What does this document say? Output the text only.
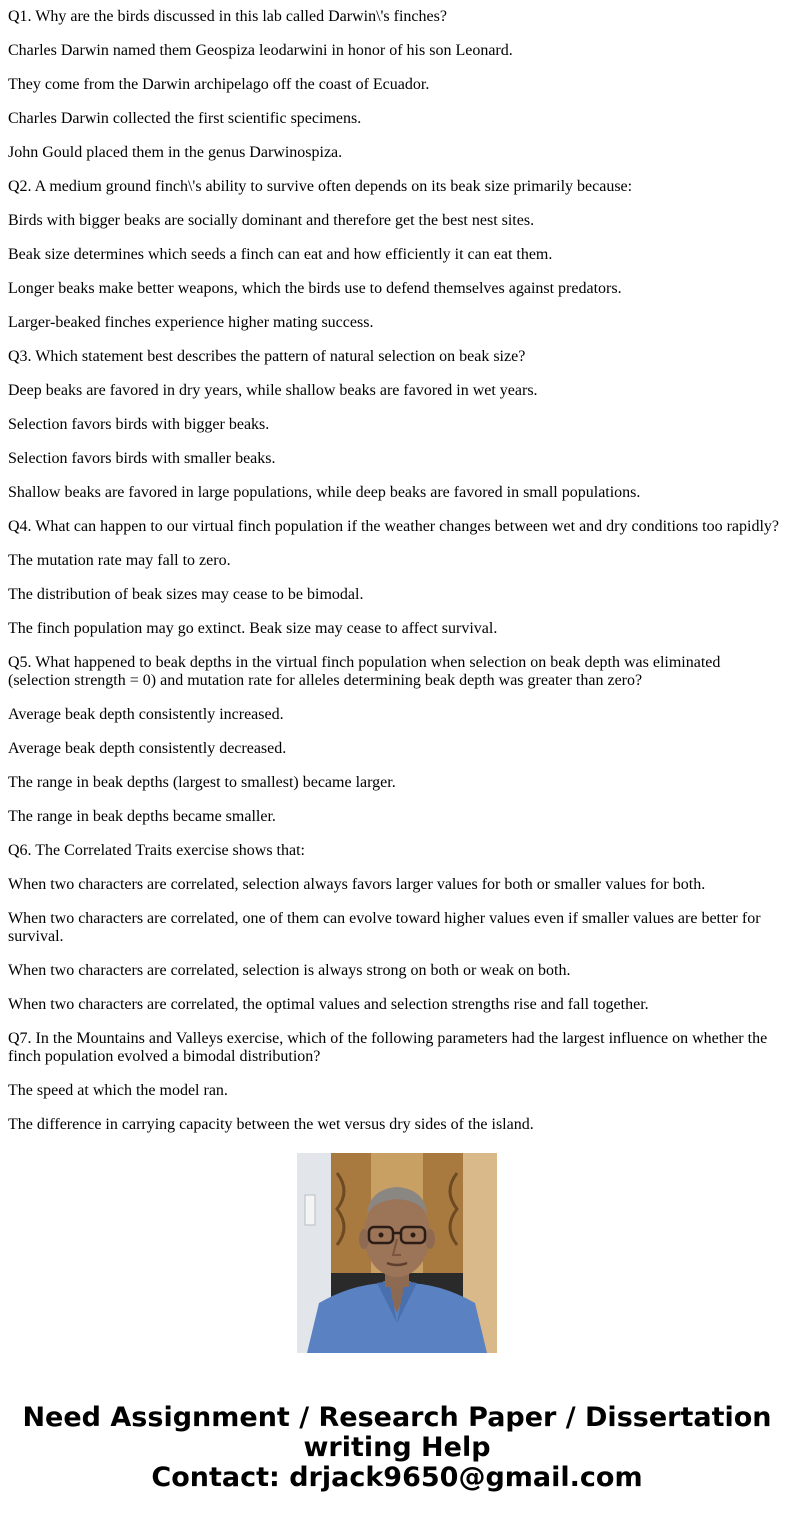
Q1. Why are the birds discussed in this lab called Darwin\'s finches?

Charles Darwin named them Geospiza leodarwini in honor of his son Leonard.

They come from the Darwin archipelago off the coast of Ecuador.

Charles Darwin collected the first scientific specimens.

John Gould placed them in the genus Darwinospiza.

Q2. A medium ground finch\'s ability to survive often depends on its beak size primarily because:

Birds with bigger beaks are socially dominant and therefore get the best nest sites.

Beak size determines which seeds a finch can eat and how efficiently it can eat them.

Longer beaks make better weapons, which the birds use to defend themselves against predators.

Larger-beaked finches experience higher mating success.

Q3. Which statement best describes the pattern of natural selection on beak size?

Deep beaks are favored in dry years, while shallow beaks are favored in wet years.

Selection favors birds with bigger beaks.

Selection favors birds with smaller beaks.

Shallow beaks are favored in large populations, while deep beaks are favored in small populations.

Q4. What can happen to our virtual finch population if the weather changes between wet and dry conditions too rapidly?

The mutation rate may fall to zero.

The distribution of beak sizes may cease to be bimodal.

The finch population may go extinct. Beak size may cease to affect survival.

Q5. What happened to beak depths in the virtual finch population when selection on beak depth was eliminated (selection strength = 0) and mutation rate for alleles determining beak depth was greater than zero?

Average beak depth consistently increased.

Average beak depth consistently decreased.

The range in beak depths (largest to smallest) became larger.

The range in beak depths became smaller.

Q6. The Correlated Traits exercise shows that:

When two characters are correlated, selection always favors larger values for both or smaller values for both.

When two characters are correlated, one of them can evolve toward higher values even if smaller values are better for survival.

When two characters are correlated, selection is always strong on both or weak on both.

When two characters are correlated, the optimal values and selection strengths rise and fall together.

Q7. In the Mountains and Valleys exercise, which of the following parameters had the largest influence on whether the finch population evolved a bimodal distribution?

The speed at which the model ran.

The difference in carrying capacity between the wet versus dry sides of the island.

Need Assignment / Research Paper / Dissertation writing Help
Contact: drjack9650@gmail.com
